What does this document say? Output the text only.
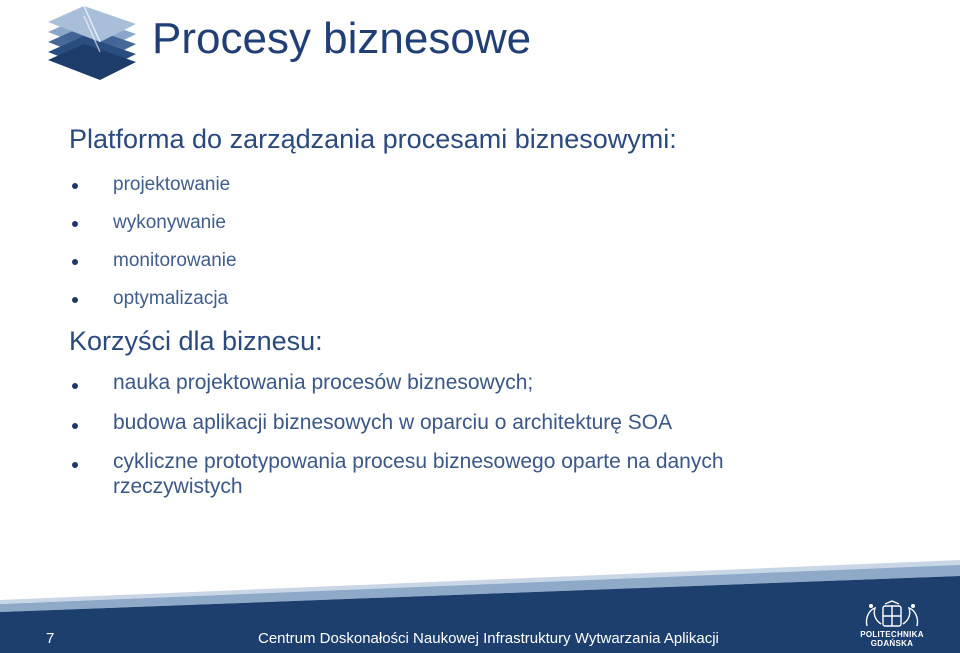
Procesy biznesowe
Platforma do zarządzania procesami biznesowymi:
projektowanie
wykonywanie
monitorowanie
optymalizacja
Korzyści dla biznesu:
nauka projektowania procesów biznesowych;
budowa aplikacji biznesowych w oparciu o architekturę SOA
cykliczne prototypowania procesu biznesowego oparte na danych rzeczywistych
7	Centrum Doskonałości Naukowej Infrastruktury Wytwarzania Aplikacji	POLITECHNIKA
GDAŃSKA
